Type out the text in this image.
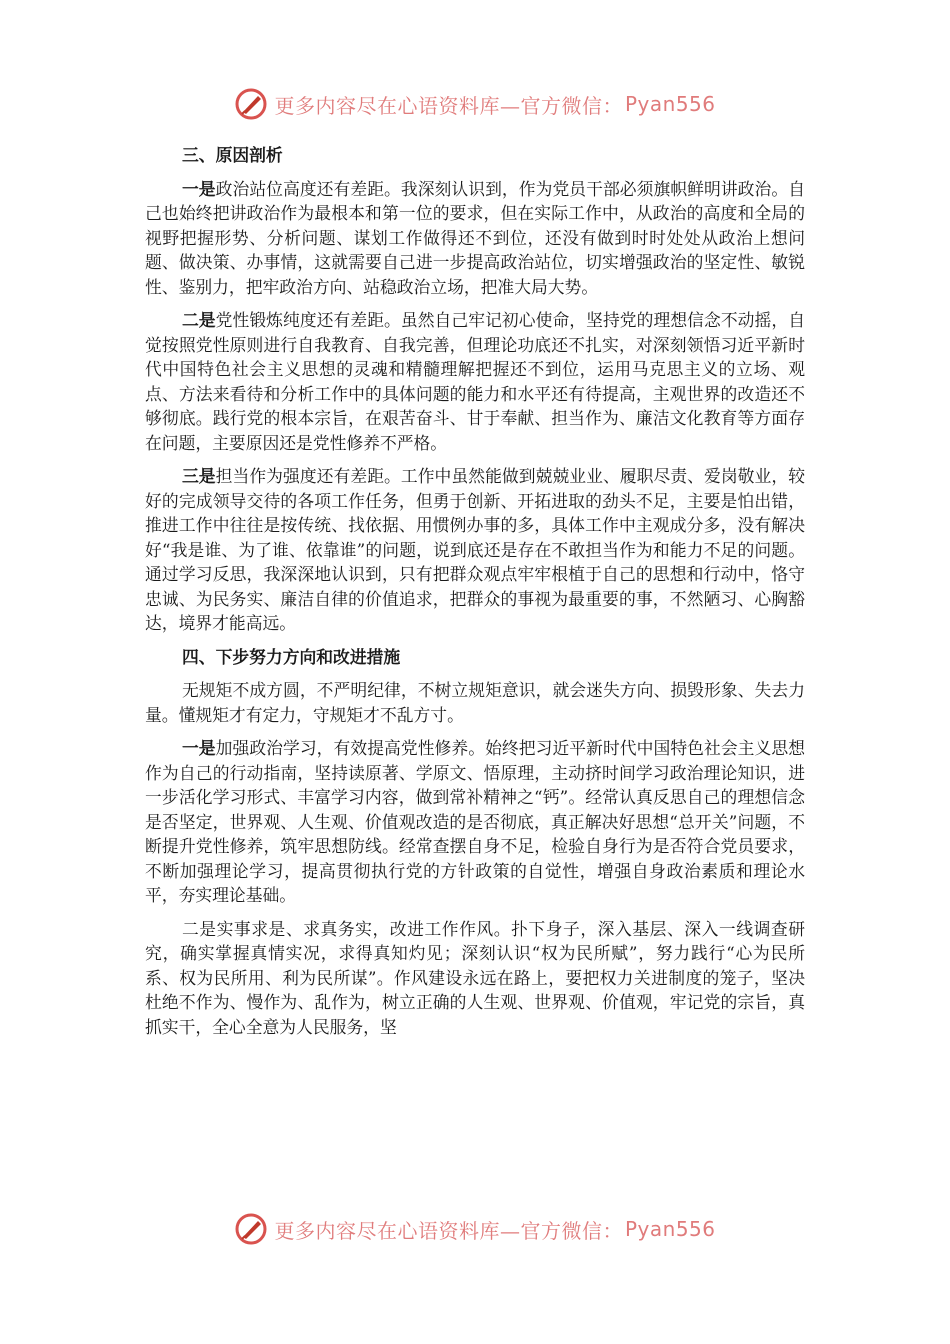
更多内容尽在心语资料库—官方微信： Pyan556
三、原因剖析

一是政治站位高度还有差距。我深刻认识到，作为党员干部必须旗帜鲜明讲政治。自己也始终把讲政治作为最根本和第一位的要求，但在实际工作中，从政治的高度和全局的视野把握形势、分析问题、谋划工作做得还不到位，还没有做到时时处处从政治上想问题、做决策、办事情，这就需要自己进一步提高政治站位，切实增强政治的坚定性、敏锐性、鉴别力，把牢政治方向、站稳政治立场，把准大局大势。

二是党性锻炼纯度还有差距。虽然自己牢记初心使命，坚持党的理想信念不动摇，自觉按照党性原则进行自我教育、自我完善，但理论功底还不扎实，对深刻领悟习近平新时代中国特色社会主义思想的灵魂和精髓理解把握还不到位，运用马克思主义的立场、观点、方法来看待和分析工作中的具体问题的能力和水平还有待提高，主观世界的改造还不够彻底。践行党的根本宗旨，在艰苦奋斗、甘于奉献、担当作为、廉洁文化教育等方面存在问题，主要原因还是党性修养不严格。

三是担当作为强度还有差距。工作中虽然能做到兢兢业业、履职尽责、爱岗敬业，较好的完成领导交待的各项工作任务，但勇于创新、开拓进取的劲头不足，主要是怕出错，推进工作中往往是按传统、找依据、用惯例办事的多，具体工作中主观成分多，没有解决好“我是谁、为了谁、依靠谁”的问题，说到底还是存在不敢担当作为和能力不足的问题。通过学习反思，我深深地认识到，只有把群众观点牢牢根植于自己的思想和行动中，恪守忠诚、为民务实、廉洁自律的价值追求，把群众的事视为最重要的事，不然陋习、心胸豁达，境界才能高远。

四、下步努力方向和改进措施

无规矩不成方圆，不严明纪律，不树立规矩意识，就会迷失方向、损毁形象、失去力量。懂规矩才有定力，守规矩才不乱方寸。

一是加强政治学习，有效提高党性修养。始终把习近平新时代中国特色社会主义思想作为自己的行动指南，坚持读原著、学原文、悟原理，主动挤时间学习政治理论知识，进一步活化学习形式、丰富学习内容，做到常补精神之“钙”。经常认真反思自己的理想信念是否坚定，世界观、人生观、价值观改造的是否彻底，真正解决好思想“总开关”问题，不断提升党性修养，筑牢思想防线。经常查摆自身不足，检验自身行为是否符合党员要求，不断加强理论学习，提高贯彻执行党的方针政策的自觉性，增强自身政治素质和理论水平，夯实理论基础。

二是实事求是、求真务实，改进工作作风。扑下身子，深入基层、深入一线调查研究，确实掌握真情实况，求得真知灼见；深刻认识“权为民所赋”，努力践行“心为民所系、权为民所用、利为民所谋”。作风建设永远在路上，要把权力关进制度的笼子，坚决杜绝不作为、慢作为、乱作为，树立正确的人生观、世界观、价值观，牢记党的宗旨，真抓实干，全心全意为人民服务，坚

更多内容尽在心语资料库—官方微信： Pyan556
